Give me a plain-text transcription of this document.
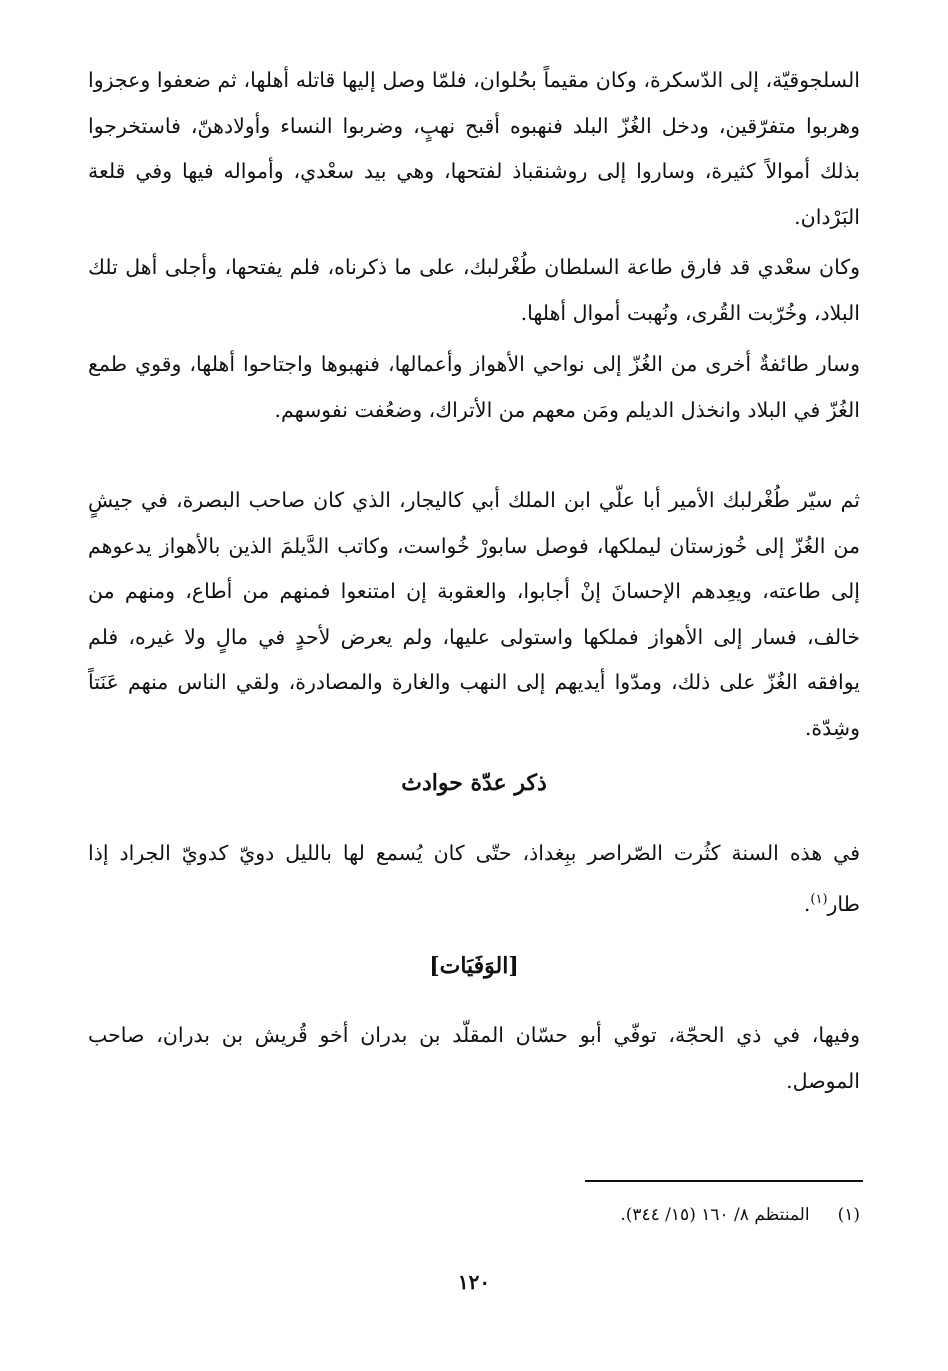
السلجوقيّة، إلى الدّسكرة، وكان مقيماً بحُلوان، فلمّا وصل إليها قاتله أهلها، ثم ضعفوا وعجزوا وهربوا متفرّقين، ودخل الغُزّ البلد فنهبوه أقبح نهبٍ، وضربوا النساء وأولادهنّ، فاستخرجوا بذلك أموالاً كثيرة، وساروا إلى روشنقباذ لفتحها، وهي بيد سعْدي، وأمواله فيها وفي قلعة البَرْدان.

وكان سعْدي قد فارق طاعة السلطان طُغْرلبك، على ما ذكرناه، فلم يفتحها، وأجلى أهل تلك البلاد، وخُرّبت القُرى، ونُهبت أموال أهلها.

وسار طائفةٌ أخرى من الغُزّ إلى نواحي الأهواز وأعمالها، فنهبوها واجتاحوا أهلها، وقوي طمع الغُزّ في البلاد وانخذل الديلم ومَن معهم من الأتراك، وضعُفت نفوسهم.

ثم سيّر طُغْرلبك الأمير أبا علّي ابن الملك أبي كاليجار، الذي كان صاحب البصرة، في جيشٍ من الغُزّ إلى خُوزستان ليملكها، فوصل سابورْ خُواست، وكاتب الدَّيلمَ الذين بالأهواز يدعوهم إلى طاعته، ويعِدهم الإحسانَ إنْ أجابوا، والعقوبة إن امتنعوا فمنهم من أطاع، ومنهم من خالف، فسار إلى الأهواز فملكها واستولى عليها، ولم يعرض لأحدٍ في مالٍ ولا غيره، فلم يوافقه الغُزّ على ذلك، ومدّوا أيديهم إلى النهب والغارة والمصادرة، ولقي الناس منهم عَنَتاً وشِدّة.

ذكر عدّة حوادث

في هذه السنة كثُرت الصّراصر ببِغداذ، حتّى كان يُسمع لها بالليل دويّ كدويّ الجراد إذا طار$^{(١)}$.

[الوَفَيَات]

وفيها، في ذي الحجّة، توفّي أبو حسّان المقلّد بن بدران أخو قُريش بن بدران، صاحب الموصل.

(١)المنتظم ٨/ ١٦٠ (١٥/ ٣٤٤).

١٢٠
